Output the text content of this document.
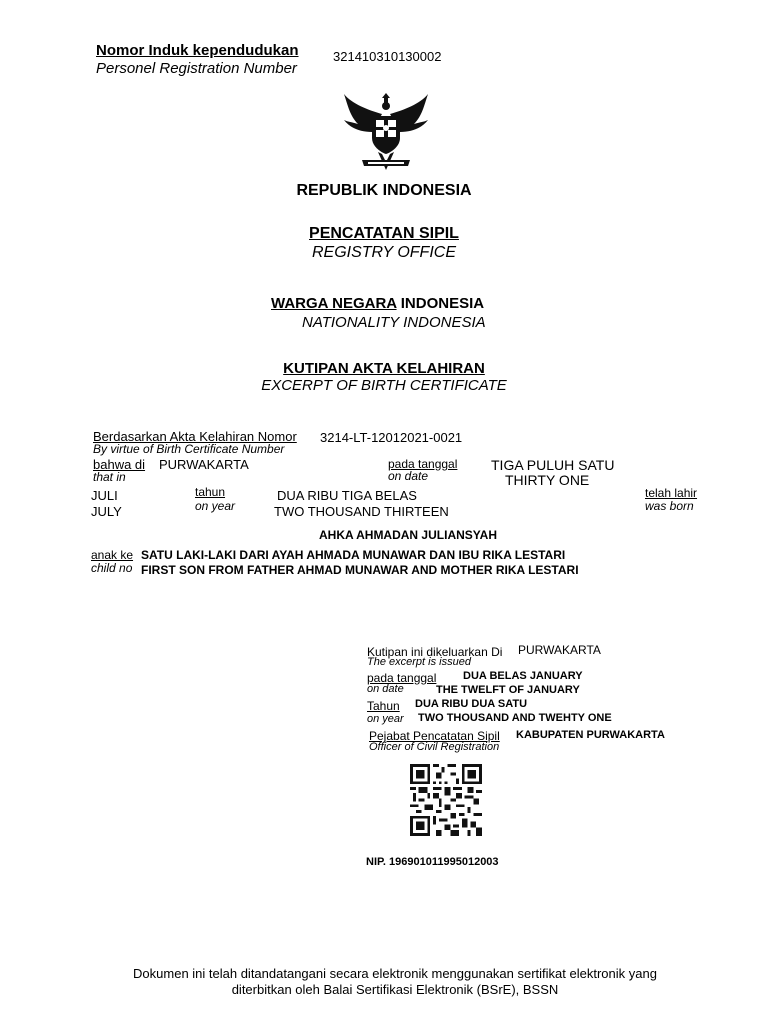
Nomor Induk kependudukan
Personel Registration Number
321410310130002
REPUBLIK INDONESIA
PENCATATAN SIPIL
REGISTRY OFFICE
WARGA NEGARA INDONESIA
NATIONALITY INDONESIA
KUTIPAN AKTA KELAHIRAN
EXCERPT OF BIRTH CERTIFICATE
Berdasarkan Akta Kelahiran Nomor
By virtue of Birth Certificate Number
3214-LT-12012021-0021
bahwa di
that in
PURWAKARTA	pada tanggal
on date
TIGA PULUH SATU
THIRTY ONE
JULI
JULY
tahun
on year
DUA RIBU TIGA BELAS
TWO THOUSAND THIRTEEN
telah lahir
was born
AHKA AHMADAN JULIANSYAH
anak ke
child no
SATU LAKI-LAKI DARI AYAH AHMADA MUNAWAR DAN IBU RIKA LESTARI
FIRST SON FROM FATHER AHMAD MUNAWAR AND MOTHER RIKA LESTARI
Kutipan ini dikeluarkan Di
The excerpt is issued
PURWAKARTA
pada tanggal
on date
DUA BELAS JANUARY
THE TWELFT OF JANUARY
Tahun
on year
DUA RIBU DUA SATU
TWO THOUSAND AND TWEHTY ONE
Pejabat Pencatatan Sipil
Officer of Civil Registration
KABUPATEN PURWAKARTA
NIP. 196901011995012003
Dokumen ini telah ditandatangani secara elektronik menggunakan sertifikat elektronik yang
diterbitkan oleh Balai Sertifikasi Elektronik (BSrE), BSSN
